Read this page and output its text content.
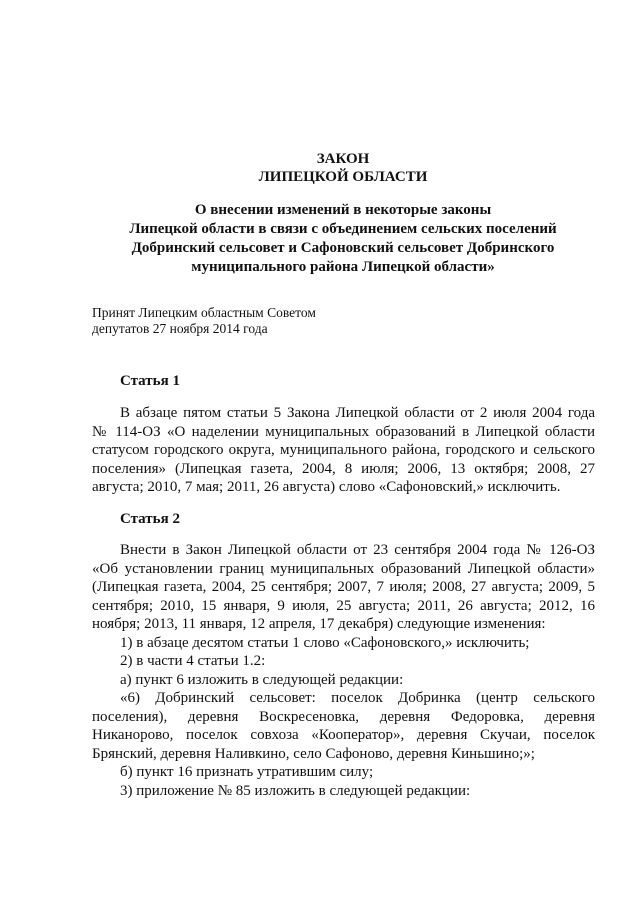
ЗАКОН
ЛИПЕЦКОЙ ОБЛАСТИ
О внесении изменений в некоторые законы
Липецкой области в связи с объединением сельских поселений
Добринский сельсовет и Сафоновский сельсовет Добринского
муниципального района Липецкой области»
Принят Липецким областным Советом
депутатов 27 ноября 2014 года
Статья 1
В абзаце пятом статьи 5 Закона Липецкой области от 2 июля 2004 года
№ 114-ОЗ «О наделении муниципальных образований в Липецкой области
статусом городского округа, муниципального района, городского и сельского
поселения» (Липецкая газета, 2004, 8 июля; 2006, 13 октября; 2008, 27
августа; 2010, 7 мая; 2011, 26 августа) слово «Сафоновский,» исключить.
Статья 2
Внести в Закон Липецкой области от 23 сентября 2004 года № 126-ОЗ
«Об установлении границ муниципальных образований Липецкой области»
(Липецкая газета, 2004, 25 сентября; 2007, 7 июля; 2008, 27 августа; 2009, 5
сентября; 2010, 15 января, 9 июля, 25 августа; 2011, 26 августа; 2012, 16
ноября; 2013, 11 января, 12 апреля, 17 декабря) следующие изменения:
1) в абзаце десятом статьи 1 слово «Сафоновского,» исключить;
2) в части 4 статьи 1.2:
а) пункт 6 изложить в следующей редакции:
«6) Добринский сельсовет: поселок Добринка (центр сельского
поселения), деревня Воскресеновка, деревня Федоровка, деревня
Никанорово, поселок совхоза «Кооператор», деревня Скучаи, поселок
Брянский, деревня Наливкино, село Сафоново, деревня Киньшино;»;
б) пункт 16 признать утратившим силу;
3) приложение № 85 изложить в следующей редакции:
